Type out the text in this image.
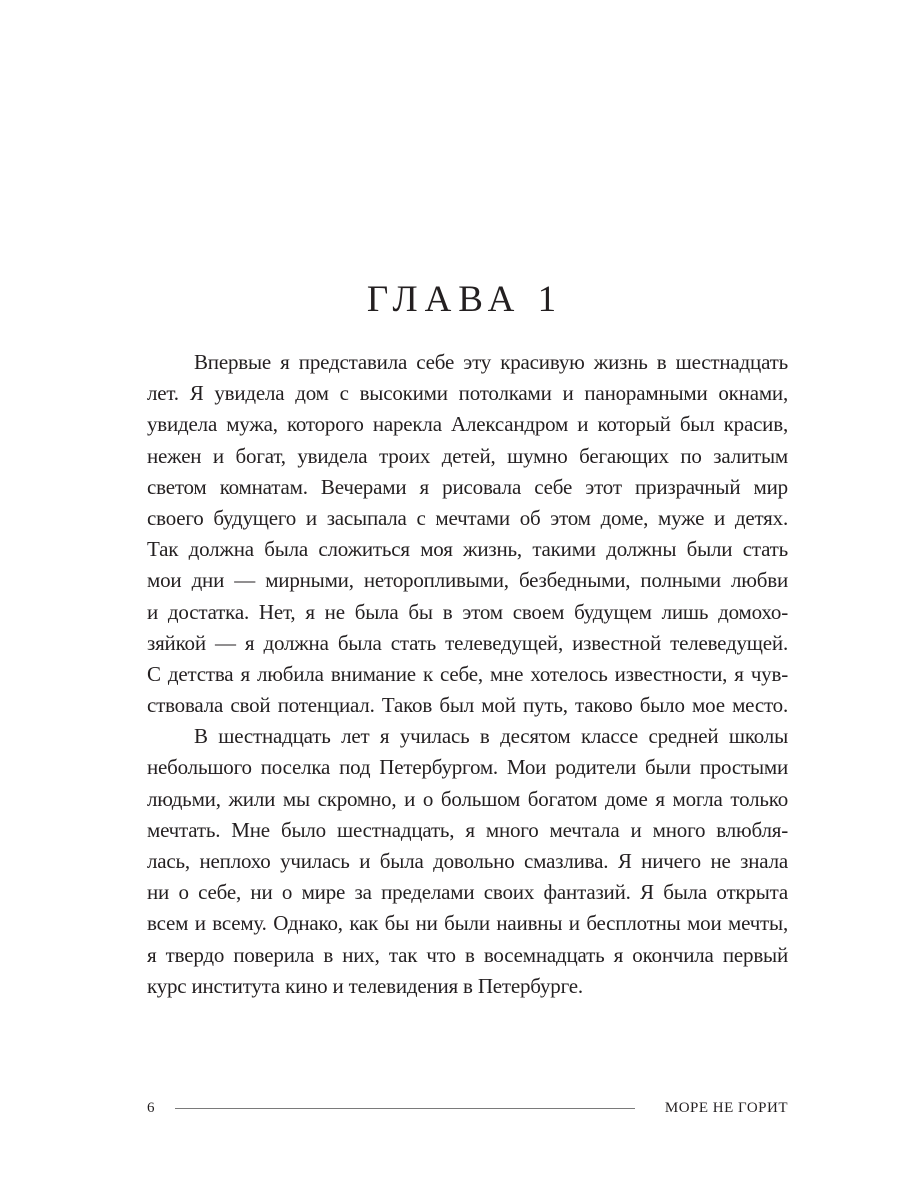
ГЛАВА 1
Впервые я представила себе эту красивую жизнь в шестнадцать
лет. Я увидела дом с высокими потолками и панорамными окнами,
увидела мужа, которого нарекла Александром и который был красив,
нежен и богат, увидела троих детей, шумно бегающих по залитым
светом комнатам. Вечерами я рисовала себе этот призрачный мир
своего будущего и засыпала с мечтами об этом доме, муже и детях.
Так должна была сложиться моя жизнь, такими должны были стать
мои дни — мирными, неторопливыми, безбедными, полными любви
и достатка. Нет, я не была бы в этом своем будущем лишь домохо-
зяйкой — я должна была стать телеведущей, известной телеведущей.
С детства я любила внимание к себе, мне хотелось известности, я чув-
ствовала свой потенциал. Таков был мой путь, таково было мое место.
В шестнадцать лет я училась в десятом классе средней школы
небольшого поселка под Петербургом. Мои родители были простыми
людьми, жили мы скромно, и о большом богатом доме я могла только
мечтать. Мне было шестнадцать, я много мечтала и много влюбля-
лась, неплохо училась и была довольно смазлива. Я ничего не знала
ни о себе, ни о мире за пределами своих фантазий. Я была открыта
всем и всему. Однако, как бы ни были наивны и бесплотны мои мечты,
я твердо поверила в них, так что в восемнадцать я окончила первый
курс института кино и телевидения в Петербурге.
6	МОРЕ НЕ ГОРИТ
